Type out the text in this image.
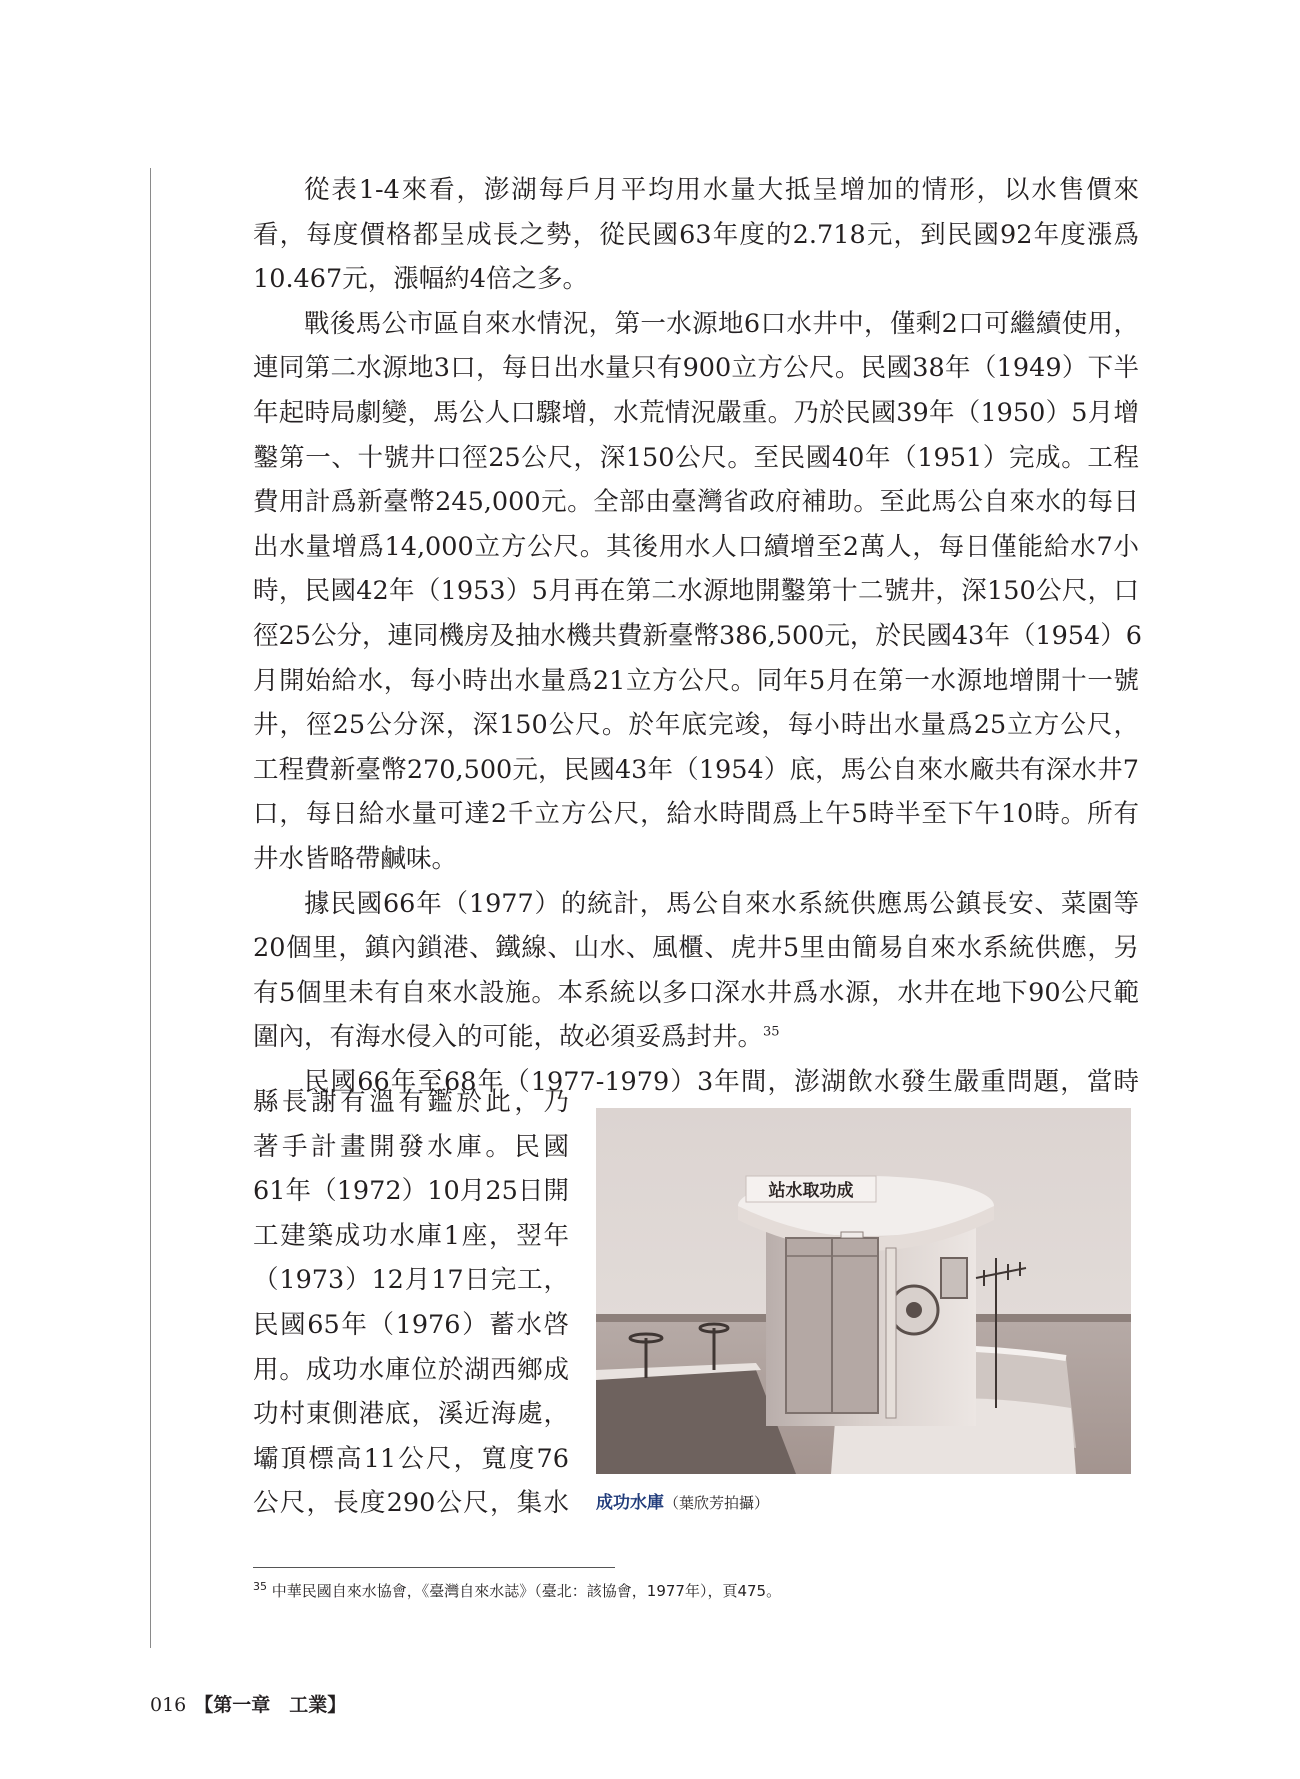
從表1-4來看，澎湖每戶月平均用水量大抵呈增加的情形，以水售價來
看，每度價格都呈成長之勢，從民國63年度的2.718元，到民國92年度漲爲
10.467元，漲幅約4倍之多。
戰後馬公市區自來水情況，第一水源地6口水井中，僅剩2口可繼續使用，
連同第二水源地3口，每日出水量只有900立方公尺。民國38年（1949）下半
年起時局劇變，馬公人口驟增，水荒情況嚴重。乃於民國39年（1950）5月增
鑿第一、十號井口徑25公尺，深150公尺。至民國40年（1951）完成。工程
費用計爲新臺幣245,000元。全部由臺灣省政府補助。至此馬公自來水的每日
出水量增爲14,000立方公尺。其後用水人口續增至2萬人，每日僅能給水7小
時，民國42年（1953）5月再在第二水源地開鑿第十二號井，深150公尺，口
徑25公分，連同機房及抽水機共費新臺幣386,500元，於民國43年（1954）6
月開始給水，每小時出水量爲21立方公尺。同年5月在第一水源地增開十一號
井，徑25公分深，深150公尺。於年底完竣，每小時出水量爲25立方公尺，
工程費新臺幣270,500元，民國43年（1954）底，馬公自來水廠共有深水井7
口，每日給水量可達2千立方公尺，給水時間爲上午5時半至下午10時。所有
井水皆略帶鹹味。
據民國66年（1977）的統計，馬公自來水系統供應馬公鎮長安、菜園等
20個里，鎮內鎖港、鐵線、山水、風櫃、虎井5里由簡易自來水系統供應，另
有5個里未有自來水設施。本系統以多口深水井爲水源，水井在地下90公尺範
圍內，有海水侵入的可能，故必須妥爲封井。$^{35}$
民國66年至68年（1977-1979）3年間，澎湖飲水發生嚴重問題，當時
縣長謝有溫有鑑於此，乃
著手計畫開發水庫。民國
61年（1972）10月25日開
工建築成功水庫1座，翌年
（1973）12月17日完工，
民國65年（1976）蓄水啓
用。成功水庫位於湖西鄉成
功村東側港底，溪近海處，
壩頂標高11公尺，寬度76
公尺，長度290公尺，集水
站水取功成
成功水庫（葉欣芳拍攝）
$^{35}$ 中華民國自來水協會，《臺灣自來水誌》（臺北：該協會，1977年），頁475。
016 【第一章　工業】
